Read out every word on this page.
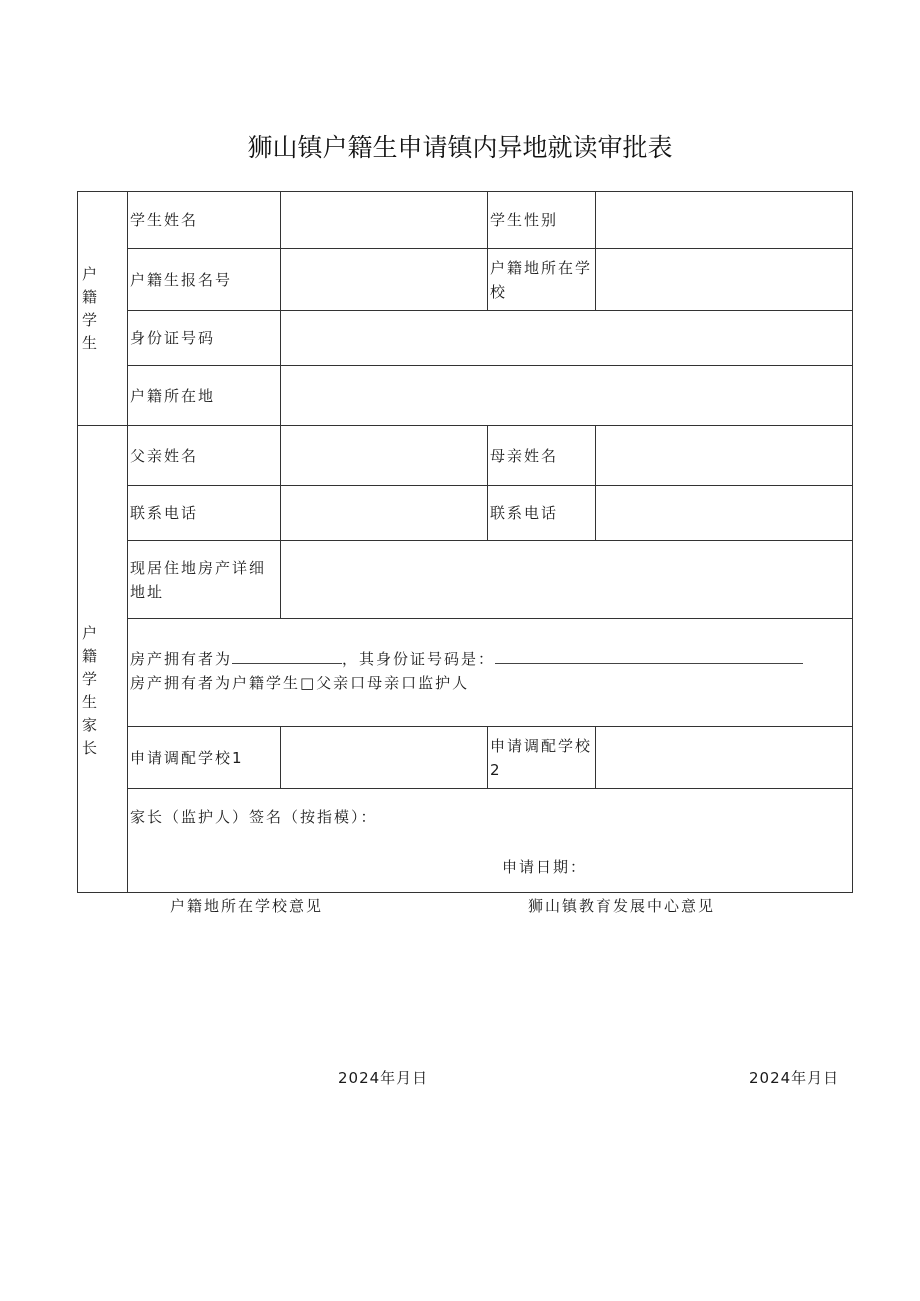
狮山镇户籍生申请镇内异地就读审批表
户籍学生	学生姓名		学生性别	
	户籍生报名号		户籍地所在学校	
	身份证号码			
	户籍所在地			

户籍学生家长	父亲姓名		母亲姓名	
	联系电话		联系电话	
	现居住地房产详细地址			

	房产拥有者为 ，其身份证号码是：
房产拥有者为户籍学生□父亲口母亲口监护人			

	申请调配学校1		申请调配学校2	

	家长（监护人）签名（按指模）：
申请日期：			
户籍地所在学校意见	狮山镇教育发展中心意见
2024年月日	2024年月日
